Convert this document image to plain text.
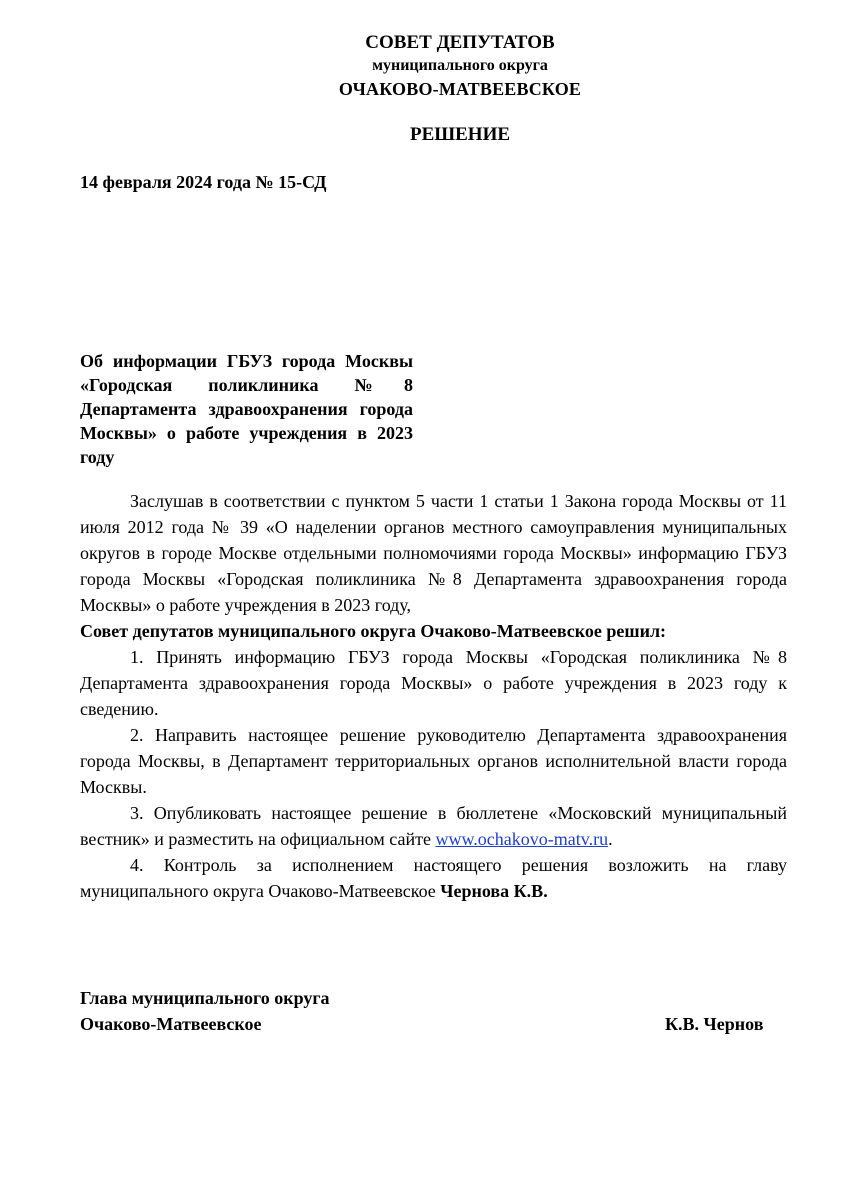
СОВЕТ ДЕПУТАТОВ
муниципального округа
ОЧАКОВО-МАТВЕЕВСКОЕ
РЕШЕНИЕ
14 февраля 2024 года № 15-СД
Об информации ГБУЗ города Москвы «Городская поликлиника №8 Департамента здравоохранения города Москвы» о работе учреждения в 2023 году

Заслушав в соответствии с пунктом 5 части 1 статьи 1 Закона города Москвы от 11 июля 2012 года № 39 «О наделении органов местного самоуправления муниципальных округов в городе Москве отдельными полномочиями города Москвы» информацию ГБУЗ города Москвы «Городская поликлиника №8 Департамента здравоохранения города Москвы» о работе учреждения в 2023 году,

Совет депутатов муниципального округа Очаково-Матвеевское решил:

1. Принять информацию ГБУЗ города Москвы «Городская поликлиника №8 Департамента здравоохранения города Москвы» о работе учреждения в 2023 году к сведению.

2. Направить настоящее решение руководителю Департамента здравоохранения города Москвы, в Департамент территориальных органов исполнительной власти города Москвы.

3. Опубликовать настоящее решение в бюллетене «Московский муниципальный вестник» и разместить на официальном сайте www.ochakovo-matv.ru.

4. Контроль за исполнением настоящего решения возложить на главу муниципального округа Очаково-Матвеевское Чернова К.В.

Глава муниципального округа
Очаково-Матвеевское	К.В. Чернов
